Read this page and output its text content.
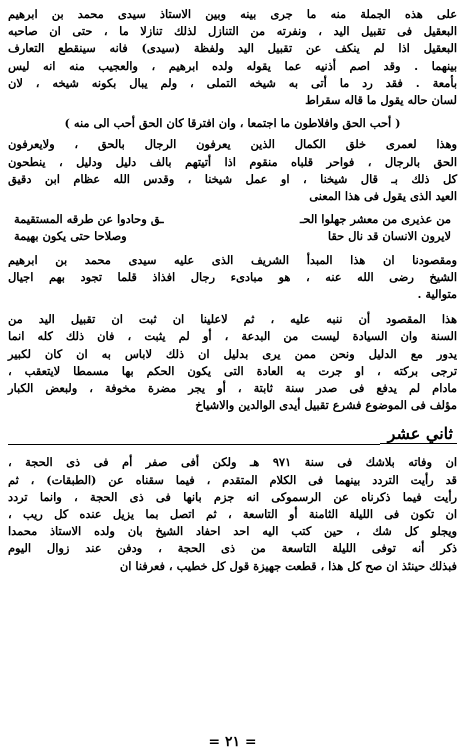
على هذه الجملة منه ما جرى بينه وبين الاستاذ سيدى محمد بن ابرهيم
البعقيل فى تقبيل اليد ، ونفرته من التنازل لذلك تنازلا ما ، حتى ان صاحبه
البعقيل اذا لم ينكف عن تقبيل اليد ولفظة (سيدى) فانه سينقطع التعارف
بينهما . وقد اصم أذنيه عما يقوله ولده ابرهيم ، والعجيب منه انه ليس
بأمعة . فقد رد ما أتى به شيخه التملى ، ولم يبال بكونه شيخه ، لان
لسان حاله يقول ما قاله سقراط

( أحب الحق وافلاطون ما اجتمعا ، وان افترقا كان الحق أحب الى منه )

وهذا لعمرى خلق الكمال الذين يعرفون الرجال بالحق ، ولايعرفون
الحق بالرجال ، فواحر قلباه منقوم اذا أتيتهم بالف دليل ودليل ، ينطحون
كل ذلك بـ قال شيخنا ، او عمل شيخنا ، وقدس الله عظام ابن دقيق
العيد الذى يقول فى هذا المعنى

من عذيرى من معشر جهلوا الحـ
ـق وحادوا عن طرقه المستقيمة
لايرون الانسان قد نال حقا
وصلاحا حتى يكون بهيمة

ومقصودنا ان هذا المبدأ الشريف الذى عليه سيدى محمد بن ابرهيم
الشيخ رضى الله عنه ، هو مبادىء رجال افذاذ قلما تجود بهم اجيال
متوالية .

هذا المقصود أن ننبه عليه ، ثم لاعلينا ان ثبت ان تقبيل اليد من
السنة وان السيادة ليست من البدعة ، أو لم يثبت ، فان ذلك كله انما
يدور مع الدليل ونحن ممن يرى بدليل ان ذلك لاباس به ان كان لكبير
ترجى بركته ، او جرت به العادة التى يكون الحكم بها مسمطا لايتعقب ،
مادام لم يدفع فى صدر سنة ثابتة ، أو يجر مضرة مخوفة ، ولبعض الكبار
مؤلف فى الموضوع فشرع تقبيل أيدى الوالدين والاشياخ

ثاني عشر

ان وفاته بلاشك فى سنة ٩٧١ هـ ولكن أفى صفر أم فى ذى الحجة ،
قد رأيت التردد بينهما فى الكلام المتقدم ، فيما سقناه عن (الطبقات) ، ثم
رأيت فيما ذكرناه عن الرسموكى انه جزم بانها فى ذى الحجة ، وانما تردد
ان تكون فى الليلة الثامنة أو التاسعة ، ثم اتصل بما يزيل عنده كل ريب ،
ويجلو كل شك ، حين كتب اليه احد احفاد الشيخ بان ولده الاستاذ محمدا
ذكر أنه توفى الليلة التاسعة من ذى الحجة ، ودفن عند زوال اليوم
فبذلك حينئذ ان صح كل هذا ، قطعت جهيزة قول كل خطيب ، فعرفنا ان

= ٢١ =
